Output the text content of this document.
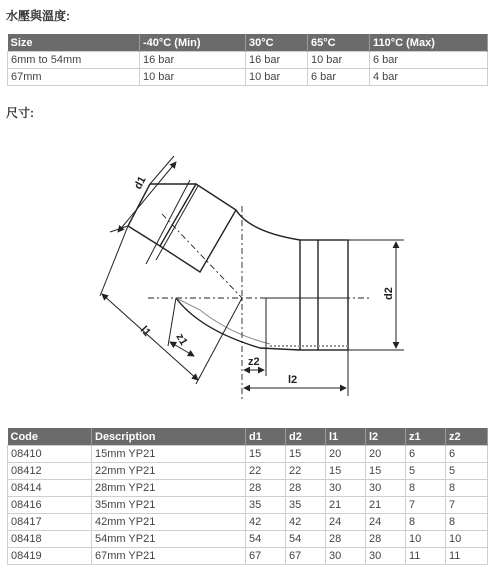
水壓與溫度:
Size	-40°C (Min)	30°C	65°C	110°C (Max)
6mm to 54mm	16 bar	16 bar	10 bar	6 bar
67mm	10 bar	10 bar	6 bar	4 bar
尺寸:
d1
d2
l1
z1
z2
l2
Code	Description	d1	d2	l1	l2	z1	z2
08410	15mm YP21	15	15	20	20	6	6
08412	22mm YP21	22	22	15	15	5	5
08414	28mm YP21	28	28	30	30	8	8
08416	35mm YP21	35	35	21	21	7	7
08417	42mm YP21	42	42	24	24	8	8
08418	54mm YP21	54	54	28	28	10	10
08419	67mm YP21	67	67	30	30	11	11
